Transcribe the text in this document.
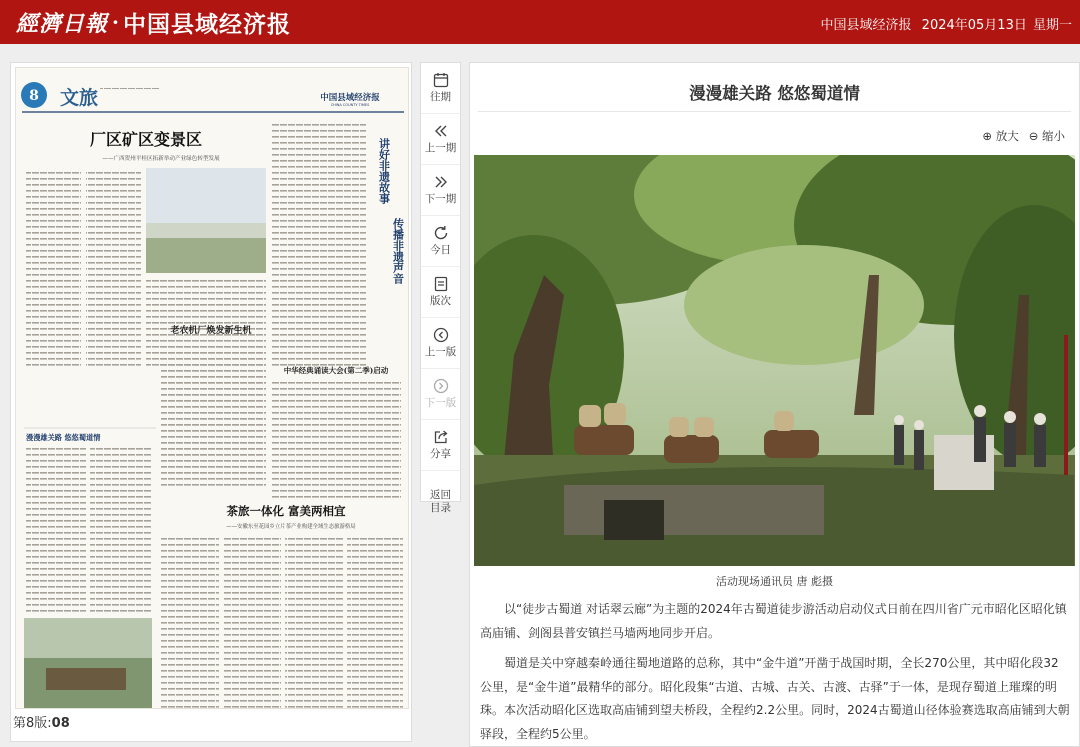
經濟日報 · 中国县域经济报	中国县域经济报 2024年05月13日 星期一
8 文旅	中国县域经济报
CHINA COUNTY TIMES
厂区矿区变景区
——广西贺州平桂区拓新举动产业绿色转型发展	讲好非遗故事
传播非遗声音
老农机厂焕发新生机
中华经典诵读大会(第二季)启动
漫漫雄关路 悠悠蜀道情
茶旅一体化 富美两相宜
——安徽东至花园乡立片茶产业构建全域生态旅游格局
第8版:08
往期
上一期
下一期
今日
版次
上一版
下一版
分享
返回目录
漫漫雄关路 悠悠蜀道情
⊕ 放大 ⊖ 缩小
活动现场通讯员 唐 彪摄

以“徒步古蜀道 对话翠云廊”为主题的2024年古蜀道徒步游活动启动仪式日前在四川省广元市昭化区昭化镇高庙铺、剑阁县普安镇拦马墙两地同步开启。

蜀道是关中穿越秦岭通往蜀地道路的总称，其中“金牛道”开凿于战国时期，全长270公里，其中昭化段32公里，是“金牛道”最精华的部分。昭化段集“古道、古城、古关、古渡、古驿”于一体，是现存蜀道上璀璨的明珠。本次活动昭化区选取高庙铺到望夫桥段，全程约2.2公里。同时，2024古蜀道山径体验赛选取高庙铺到大朝驿段，全程约5公里。
